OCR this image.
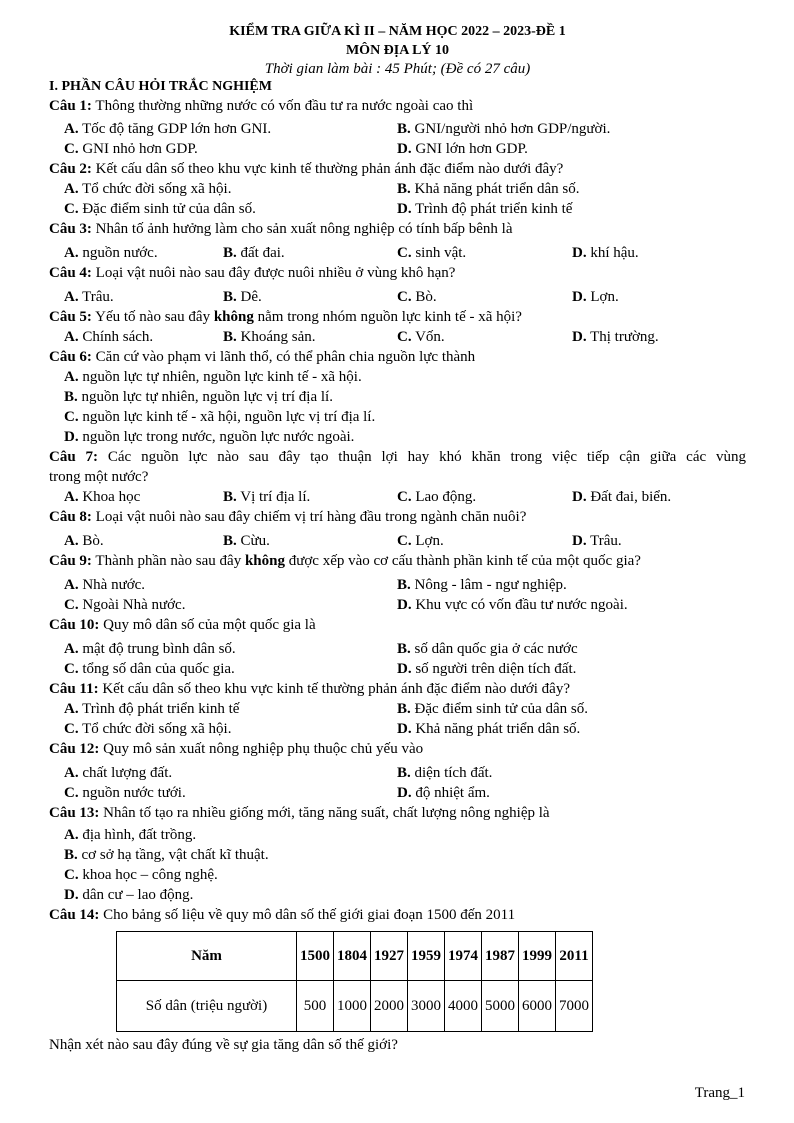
KIỂM TRA GIỮA KÌ II – NĂM HỌC 2022 – 2023-ĐỀ 1
MÔN ĐỊA LÝ 10
Thời gian làm bài : 45 Phút; (Đề có 27 câu)
I. PHẦN CÂU HỎI TRẮC NGHIỆM
Câu 1: Thông thường những nước có vốn đầu tư ra nước ngoài cao thì
A. Tốc độ tăng GDP lớn hơn GNI.	B. GNI/người nhỏ hơn GDP/người.
C. GNI nhỏ hơn GDP.	D. GNI lớn hơn GDP.
Câu 2: Kết cấu dân số theo khu vực kinh tế thường phản ánh đặc điểm nào dưới đây?
A. Tổ chức đời sống xã hội.	B. Khả năng phát triển dân số.
C. Đặc điểm sinh tử của dân số.	D. Trình độ phát triển kinh tế
Câu 3: Nhân tố ảnh hưởng làm cho sản xuất nông nghiệp có tính bấp bênh là
A. nguồn nước.	B. đất đai.	C. sinh vật.	D. khí hậu.
Câu 4: Loại vật nuôi nào sau đây được nuôi nhiều ở vùng khô hạn?
A. Trâu.	B. Dê.	C. Bò.	D. Lợn.
Câu 5: Yếu tố nào sau đây không nằm trong nhóm nguồn lực kinh tế - xã hội?
A. Chính sách.	B. Khoáng sản.	C. Vốn.	D. Thị trường.
Câu 6: Căn cứ vào phạm vi lãnh thổ, có thể phân chia nguồn lực thành
A. nguồn lực tự nhiên, nguồn lực kinh tế - xã hội.
B. nguồn lực tự nhiên, nguồn lực vị trí địa lí.
C. nguồn lực kinh tế - xã hội, nguồn lực vị trí địa lí.
D. nguồn lực trong nước, nguồn lực nước ngoài.
Câu 7: Các nguồn lực nào sau đây tạo thuận lợi hay khó khăn trong việc tiếp cận giữa các vùng
trong một nước?
A. Khoa học	B. Vị trí địa lí.	C. Lao động.	D. Đất đai, biển.
Câu 8: Loại vật nuôi nào sau đây chiếm vị trí hàng đầu trong ngành chăn nuôi?
A. Bò.	B. Cừu.	C. Lợn.	D. Trâu.
Câu 9: Thành phần nào sau đây không được xếp vào cơ cấu thành phần kinh tế của một quốc gia?
A. Nhà nước.	B. Nông - lâm - ngư nghiệp.
C. Ngoài Nhà nước.	D. Khu vực có vốn đầu tư nước ngoài.
Câu 10: Quy mô dân số của một quốc gia là
A. mật độ trung bình dân số.	B. số dân quốc gia ở các nước
C. tổng số dân của quốc gia.	D. số người trên diện tích đất.
Câu 11: Kết cấu dân số theo khu vực kinh tế thường phản ánh đặc điểm nào dưới đây?
A. Trình độ phát triển kinh tế	B. Đặc điểm sinh tử của dân số.
C. Tổ chức đời sống xã hội.	D. Khả năng phát triển dân số.
Câu 12: Quy mô sản xuất nông nghiệp phụ thuộc chủ yếu vào
A. chất lượng đất.	B. diện tích đất.
C. nguồn nước tưới.	D. độ nhiệt ẩm.
Câu 13: Nhân tố tạo ra nhiều giống mới, tăng năng suất, chất lượng nông nghiệp là
A. địa hình, đất trồng.
B. cơ sở hạ tầng, vật chất kĩ thuật.
C. khoa học – công nghệ.
D. dân cư – lao động.
Câu 14: Cho bảng số liệu về quy mô dân số thế giới giai đoạn 1500 đến 2011
Năm	1500	1804	1927	1959	1974	1987	1999	2011
Số dân (triệu người)	500	1000	2000	3000	4000	5000	6000	7000
Nhận xét nào sau đây đúng về sự gia tăng dân số thế giới?
Trang_1
